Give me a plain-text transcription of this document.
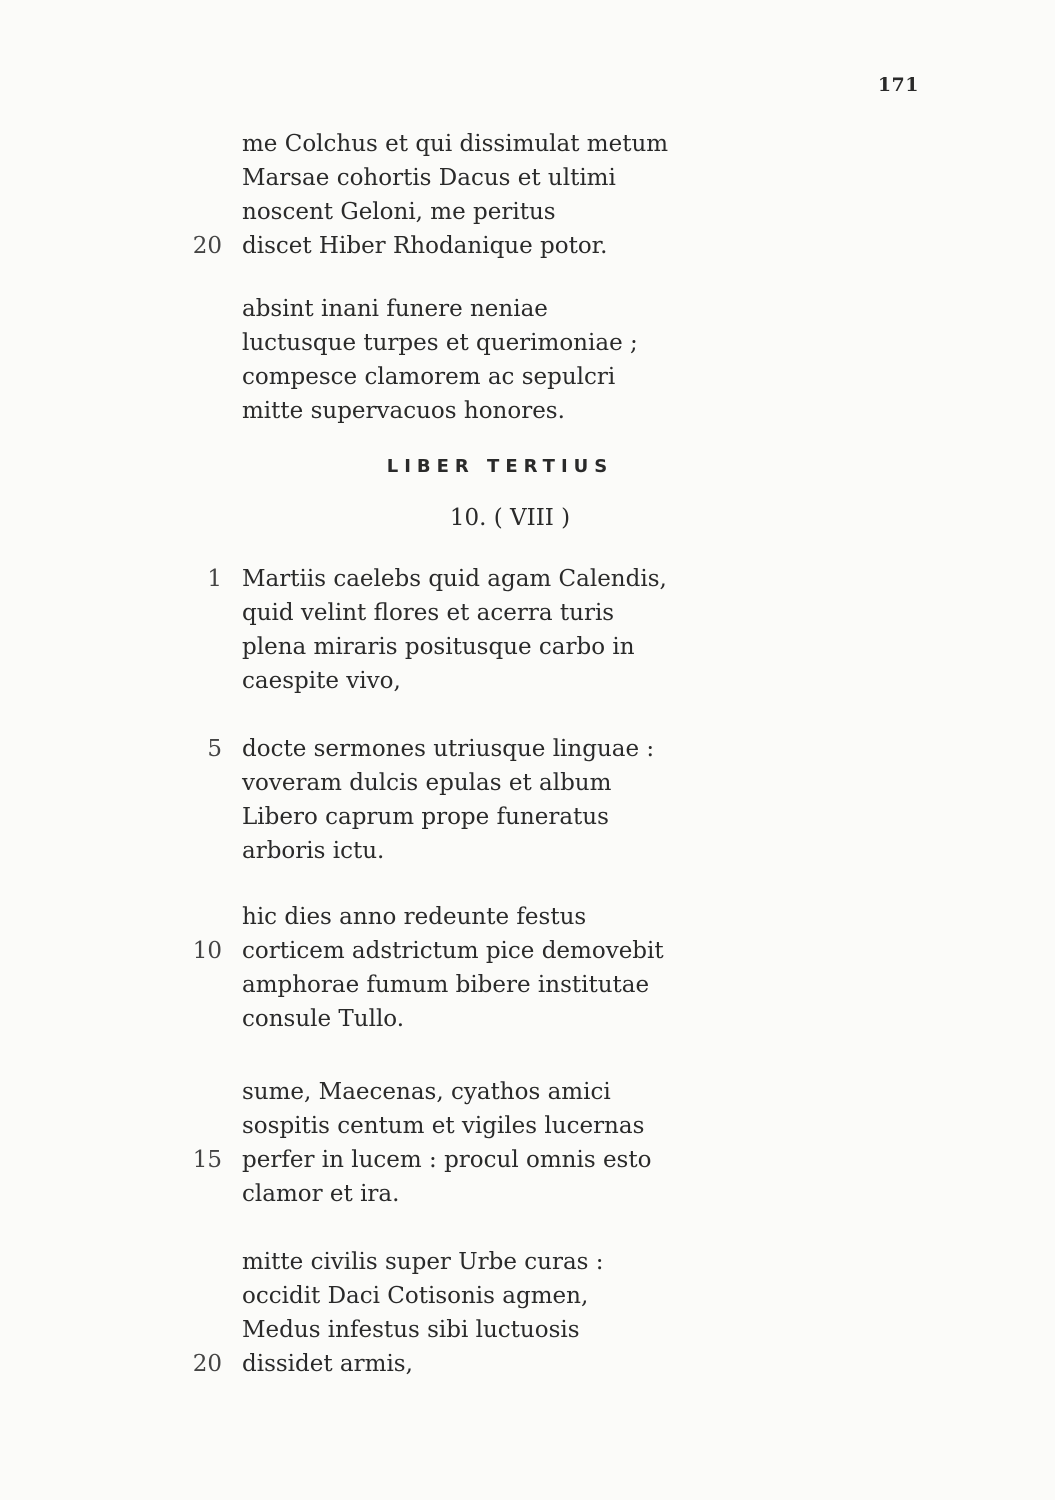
171
me Colchus et qui dissimulat metum
Marsae cohortis Dacus et ultimi
noscent Geloni, me peritus
20 discet Hiber Rhodanique potor.
absint inani funere neniae
luctusque turpes et querimoniae ;
compesce clamorem ac sepulcri
mitte supervacuos honores.
LIBER TERTIUS
10. ( VIII )
1 Martiis caelebs quid agam Calendis,
quid velint flores et acerra turis
plena miraris positusque carbo in
caespite vivo,
5 docte sermones utriusque linguae :
voveram dulcis epulas et album
Libero caprum prope funeratus
arboris ictu.
hic dies anno redeunte festus
10 corticem adstrictum pice demovebit
amphorae fumum bibere institutae
consule Tullo.
sume, Maecenas, cyathos amici
sospitis centum et vigiles lucernas
15 perfer in lucem : procul omnis esto
clamor et ira.
mitte civilis super Urbe curas :
occidit Daci Cotisonis agmen,
Medus infestus sibi luctuosis
20 dissidet armis,
